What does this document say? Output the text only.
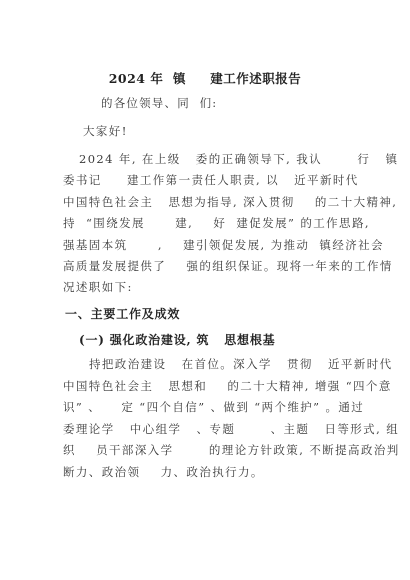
2024 年  镇     建工作述职报告
的各位领导、同  们:
大家好!
2024 年, 在上级   委的正确领导下, 我认       行   镇
委书记     建工作第一责任人职责, 以   近平新时代
中国特色社会主   思想为指导, 深入贯彻    的二十大精神,
持  “围绕发展      建,    好  建促发展” 的工作思路,
强基固本筑      ,    建引领促发展, 为推动  镇经济社会
高质量发展提供了    强的组织保证。现将一年来的工作情
况述职如下:
一、主要工作及成效
(一) 强化政治建设, 筑   思想根基
持把政治建设   在首位。深入学   贯彻   近平新时代
中国特色社会主   思想和    的二十大精神, 增强 “四个意
识” 、    定 “四个自信” 、做到 “两个维护” 。通过
委理论学   中心组学   、专题       、主题   日等形式, 组
织    员干部深入学       的理论方针政策, 不断提高政治判
断力、政治领    力、政治执行力。
